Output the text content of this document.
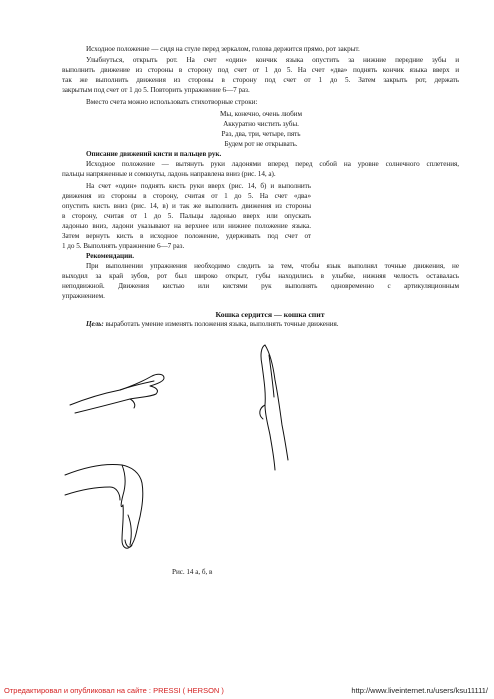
Исходное положение — сидя на стуле перед зеркалом, голова держится прямо, рот закрыт.
Улыбнуться, открыть рот. На счет «один» кончик языка опустить за нижние передние зубы и
выполнить движение из стороны в сторону под счет от 1 до 5. На счет «два» поднять кончик языка вверх и
так же выполнить движения из стороны в сторону под счет от 1 до 5. Затем закрыть рот, держать
закрытым под счет от 1 до 5. Повторить упражнение 6—7 раз.
Вместо счета можно использовать стихотворные строки:
Мы, конечно, очень любим
Аккуратно чистить зубы.
Раз, два, три, четыре, пять
Будем рот не открывать.
Описание движений кисти и пальцев рук.
Исходное положение — вытянуть руки ладонями вперед перед собой на уровне солнечного сплетения,
пальцы напряженные и сомкнуты, ладонь направлена вниз (рис. 14, а).
На счет «один» поднять кисть руки вверх (рис. 14, б) и выполнить
движения из стороны в сторону, считая от 1 до 5. На счет «два»
опустить кисть вниз (рис. 14, в) и так же выполнить движения из стороны
в сторону, считая от 1 до 5. Пальцы ладонью вверх или опускать
ладонью вниз, ладони указывают на верхнее или нижнее положение языка.
Затем вернуть кисть в исходное положение, удерживать под счет от
1 до 5. Выполнять упражнение 6—7 раз.
Рекомендации.
При выполнении упражнения необходимо следить за тем, чтобы язык выполнял точные движения, не
выходил за край зубов, рот был широко открыт, губы находились в улыбке, нижняя челюсть оставалась
неподвижной. Движения кистью или кистями рук выполнять одновременно с артикуляционным
упражнением.
Кошка сердится — кошка спит
Цель: выработать умение изменять положения языка, выполнять точные движения.
Рис. 14 а, б, в
Отредактировал и опубликовал на сайте : PRESSI ( HERSON )	http://www.liveinternet.ru/users/ksu11111/
